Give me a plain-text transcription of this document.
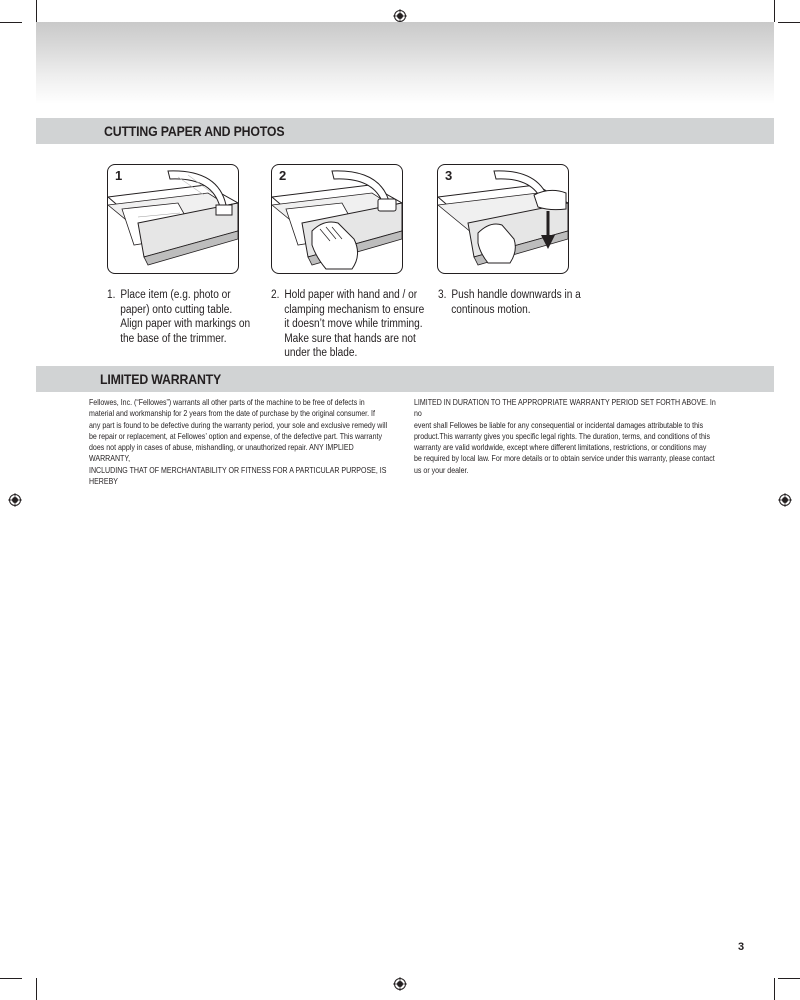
CUTTING PAPER AND PHOTOS
1	2	3
1. Place item (e.g. photo or
paper) onto cutting table.
Align paper with markings on
the base of the trimmer.
2. Hold paper with hand and / or
clamping mechanism to ensure
it doesn’t move while trimming.
Make sure that hands are not
under the blade.
3. Push handle downwards in a
continous motion.
LIMITED WARRANTY
Fellowes, Inc. (“Fellowes”) warrants all other parts of the machine to be free of defects in
material and workmanship for 2 years from the date of purchase by the original consumer. If
any part is found to be defective during the warranty period, your sole and exclusive remedy will
be repair or replacement, at Fellowes’ option and expense, of the defective part. This warranty
does not apply in cases of abuse, mishandling, or unauthorized repair. ANY IMPLIED WARRANTY,
INCLUDING THAT OF MERCHANTABILITY OR FITNESS FOR A PARTICULAR PURPOSE, IS HEREBY
LIMITED IN DURATION TO THE APPROPRIATE WARRANTY PERIOD SET FORTH ABOVE. In no
event shall Fellowes be liable for any consequential or incidental damages attributable to this
product.This warranty gives you specific legal rights. The duration, terms, and conditions of this
warranty are valid worldwide, except where different limitations, restrictions, or conditions may
be required by local law. For more details or to obtain service under this warranty, please contact
us or your dealer.
3
